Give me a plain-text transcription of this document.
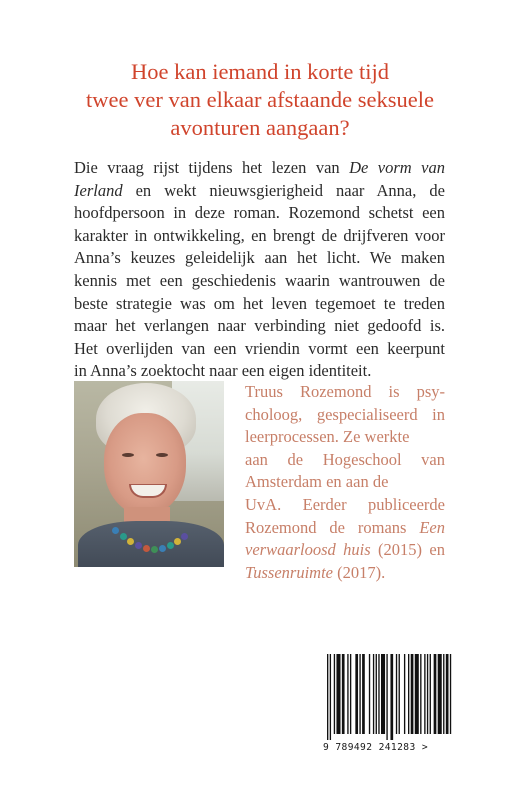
Hoe kan iemand in korte tijd
twee ver van elkaar afstaande seksuele
avonturen aangaan?
Die vraag rijst tijdens het lezen van De vorm van
Ierland en wekt nieuwsgierigheid naar Anna, de
hoofdpersoon in deze roman. Rozemond schetst een
karakter in ontwikkeling, en brengt de drijfveren voor
Anna’s keuzes geleidelijk aan het licht. We maken
kennis met een geschiedenis waarin wantrouwen de
beste strategie was om het leven tegemoet te treden
maar het verlangen naar verbinding niet gedoofd is.
Het overlijden van een vriendin vormt een keerpunt
in Anna’s zoektocht naar een eigen identiteit.
Truus Rozemond is psy-
choloog, gespecialiseerd in
leerprocessen. Ze werkte
aan de Hogeschool van
Amsterdam en aan de
UvA. Eerder publiceerde
Rozemond de romans Een
verwaarloosd huis (2015) en
Tussenruimte (2017).
9 789492 241283 >
